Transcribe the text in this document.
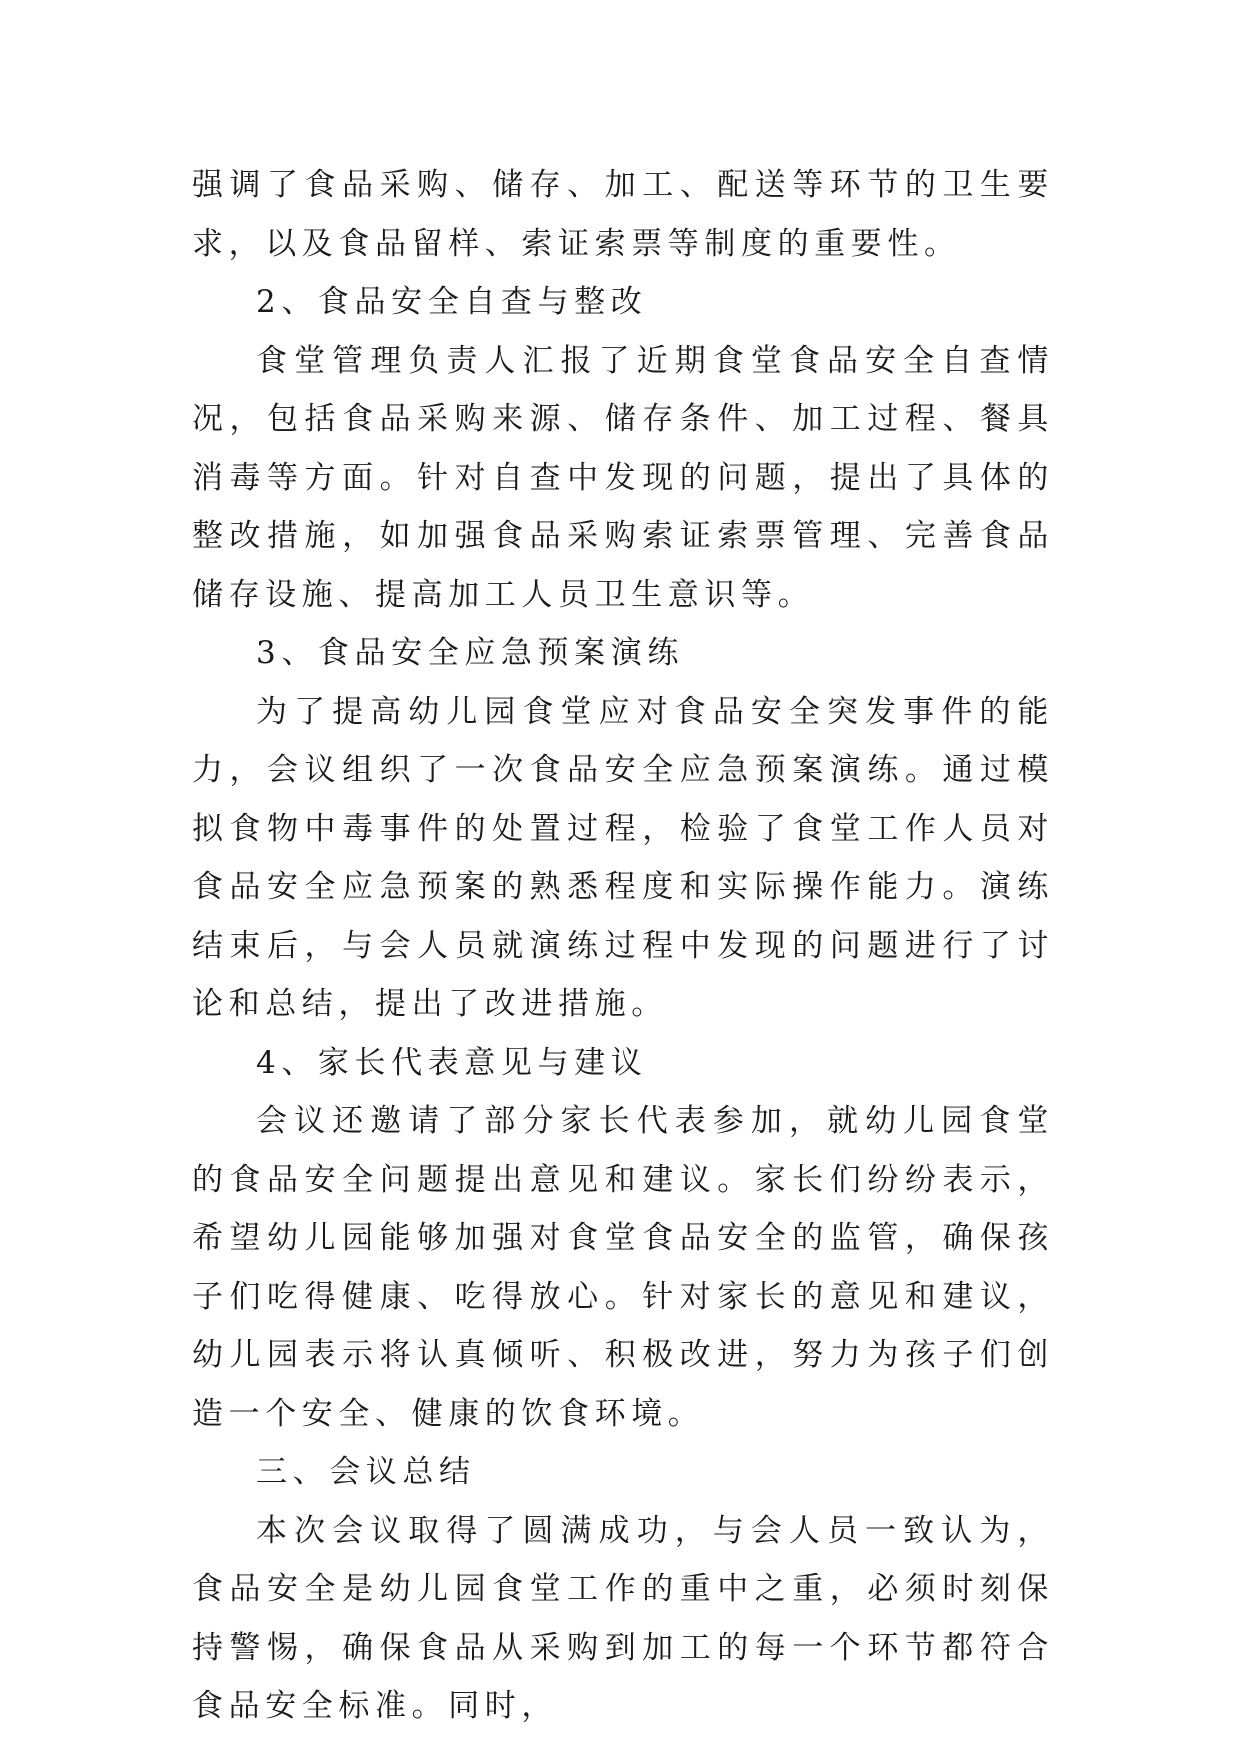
强调了食品采购、储存、加工、配送等环节的卫生要求，以及食品留样、索证索票等制度的重要性。

2、食品安全自查与整改

食堂管理负责人汇报了近期食堂食品安全自查情况，包括食品采购来源、储存条件、加工过程、餐具消毒等方面。针对自查中发现的问题，提出了具体的整改措施，如加强食品采购索证索票管理、完善食品储存设施、提高加工人员卫生意识等。

3、食品安全应急预案演练

为了提高幼儿园食堂应对食品安全突发事件的能力，会议组织了一次食品安全应急预案演练。通过模拟食物中毒事件的处置过程，检验了食堂工作人员对食品安全应急预案的熟悉程度和实际操作能力。演练结束后，与会人员就演练过程中发现的问题进行了讨论和总结，提出了改进措施。

4、家长代表意见与建议

会议还邀请了部分家长代表参加，就幼儿园食堂的食品安全问题提出意见和建议。家长们纷纷表示，希望幼儿园能够加强对食堂食品安全的监管，确保孩子们吃得健康、吃得放心。针对家长的意见和建议，幼儿园表示将认真倾听、积极改进，努力为孩子们创造一个安全、健康的饮食环境。

三、会议总结

本次会议取得了圆满成功，与会人员一致认为，食品安全是幼儿园食堂工作的重中之重，必须时刻保持警惕，确保食品从采购到加工的每一个环节都符合食品安全标准。同时，
